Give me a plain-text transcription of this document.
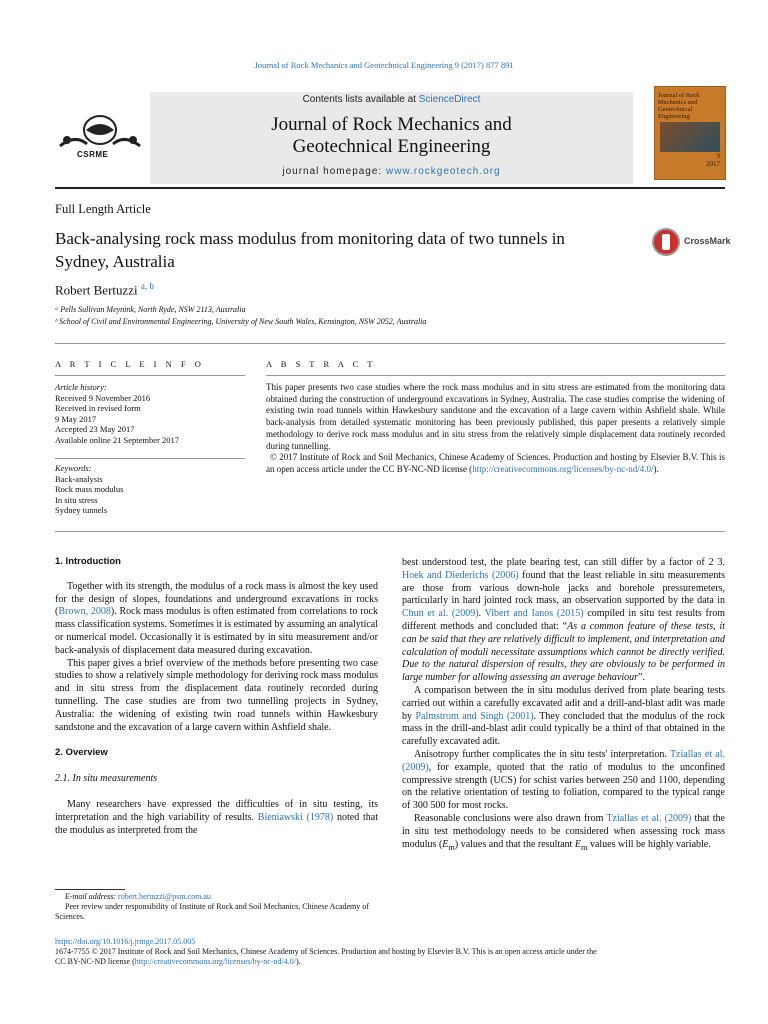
Journal of Rock Mechanics and Geotechnical Engineering 9 (2017) 877 891
CSRME
Contents lists available at ScienceDirect
Journal of Rock Mechanics and
Geotechnical Engineering
journal homepage: www.rockgeotech.org
Journal of Rock Mechanics and Geotechnical Engineering
9
2017
Full Length Article
Back-analysing rock mass modulus from monitoring data of two tunnels in Sydney, Australia
CrossMark
Robert Bertuzzi $^{a, b}$
ᵃ Pells Sullivan Meynink, North Ryde, NSW 2113, Australia
ᵇ School of Civil and Environmental Engineering, University of New South Wales, Kensington, NSW 2052, Australia
A R T I C L E I N F O
Article history:
Received 9 November 2016
Received in revised form
9 May 2017
Accepted 23 May 2017
Available online 21 September 2017
Keywords:
Back-analysis
Rock mass modulus
In situ stress
Sydney tunnels
A B S T R A C T
This paper presents two case studies where the rock mass modulus and in situ stress are estimated from the monitoring data obtained during the construction of underground excavations in Sydney, Australia. The case studies comprise the widening of existing twin road tunnels within Hawkesbury sandstone and the excavation of a large cavern within Ashfield shale. While back-analysis from detailed systematic monitoring has been previously published, this paper presents a relatively simple methodology to derive rock mass modulus and in situ stress from the relatively simple displacement data routinely recorded during tunnelling.
© 2017 Institute of Rock and Soil Mechanics, Chinese Academy of Sciences. Production and hosting by Elsevier B.V. This is an open access article under the CC BY-NC-ND license (http://creativecommons.org/licenses/by-nc-nd/4.0/).
1. Introduction

Together with its strength, the modulus of a rock mass is almost the key used for the design of slopes, foundations and underground excavations in rocks (Brown, 2008). Rock mass modulus is often estimated from correlations to rock mass classification systems. Sometimes it is estimated by assuming an analytical or numerical model. Occasionally it is estimated by in situ measurement and/or back-analysis of displacement data measured during excavation.

This paper gives a brief overview of the methods before presenting two case studies to show a relatively simple methodology for deriving rock mass modulus and in situ stress from the displacement data routinely recorded during tunnelling. The case studies are from two tunnelling projects in Sydney, Australia: the widening of existing twin road tunnels within Hawkesbury sandstone and the excavation of a large cavern within Ashfield shale.

2. Overview
2.1. In situ measurements

Many researchers have expressed the difficulties of in situ testing, its interpretation and the high variability of results. Bieniawski (1978) noted that the modulus as interpreted from the

best understood test, the plate bearing test, can still differ by a factor of 2 3. Hoek and Diederichs (2006) found that the least reliable in situ measurements are those from various down-hole jacks and borehole pressuremeters, particularly in hard jointed rock mass, an observation supported by the data in Chun et al. (2009). Vibert and Ianos (2015) compiled in situ test results from different methods and concluded that: “As a common feature of these tests, it can be said that they are relatively difficult to implement, and interpretation and calculation of moduli necessitate assumptions which cannot be directly verified. Due to the natural dispersion of results, they are obviously to be performed in large number for allowing assessing an average behaviour”.

A comparison between the in situ modulus derived from plate bearing tests carried out within a carefully excavated adit and a drill-and-blast adit was made by Palmstrom and Singh (2001). They concluded that the modulus of the rock mass in the drill-and-blast adit could typically be a third of that obtained in the carefully excavated adit.

Anisotropy further complicates the in situ tests' interpretation. Tziallas et al. (2009), for example, quoted that the ratio of modulus to the unconfined compressive strength (UCS) for schist varies between 250 and 1100, depending on the relative orientation of testing to foliation, compared to the typical range of 300 500 for most rocks.

Reasonable conclusions were also drawn from Tziallas et al. (2009) that the in situ test methodology needs to be considered when assessing rock mass modulus $(E_m)$ values and that the resultant $E_m$ values will be highly variable.

E-mail address: robert.bertuzzi@psm.com.au
Peer review under responsibility of Institute of Rock and Soil Mechanics, Chinese Academy of Sciences.
https://doi.org/10.1016/j.jrmge.2017.05.005
1674-7755 © 2017 Institute of Rock and Soil Mechanics, Chinese Academy of Sciences. Production and hosting by Elsevier B.V. This is an open access article under the
CC BY-NC-ND license (http://creativecommons.org/licenses/by-nc-nd/4.0/).
